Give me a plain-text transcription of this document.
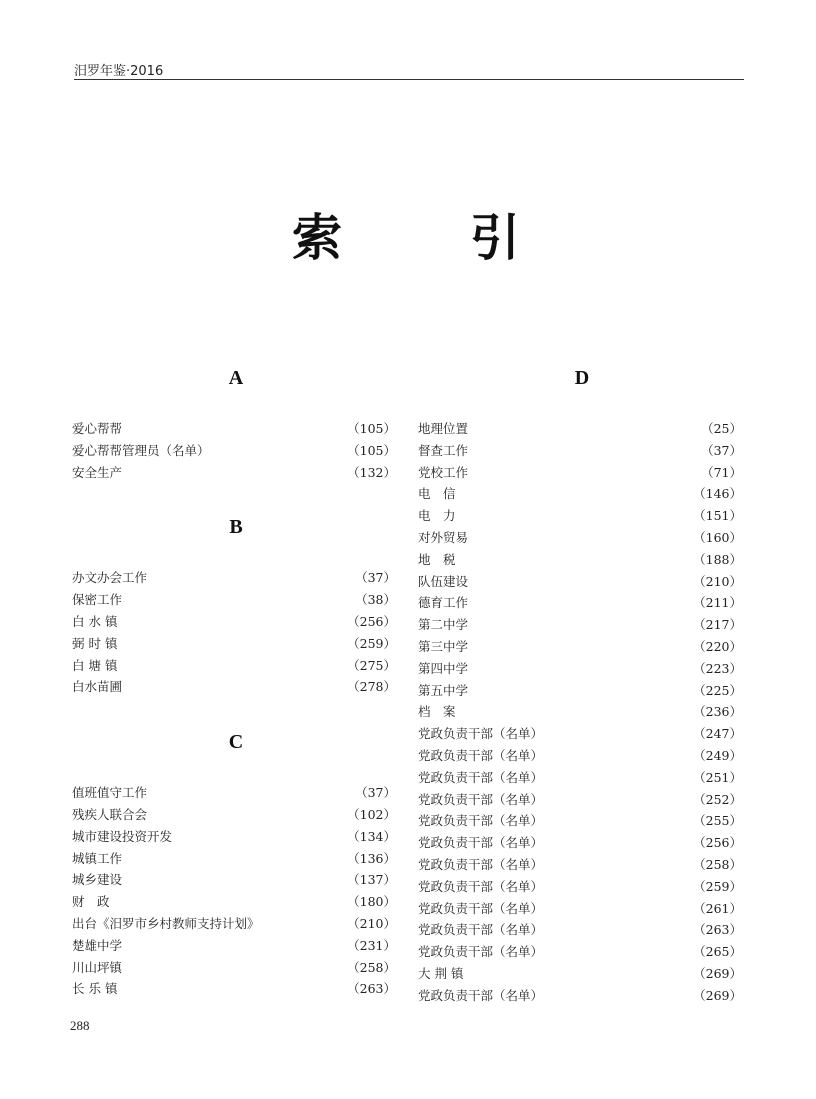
汨罗年鉴·2016
索	引
A
爱心帮帮	（105）
爱心帮帮管理员（名单）	（105）
安全生产	（132）
B
办文办会工作	（37）
保密工作	（38）
白 水 镇	（256）
弼 时 镇	（259）
白 塘 镇	（275）
白水苗圃	（278）
C
值班值守工作	（37）
残疾人联合会	（102）
城市建设投资开发	（134）
城镇工作	（136）
城乡建设	（137）
财　政	（180）
出台《汨罗市乡村教师支持计划》	（210）
楚雄中学	（231）
川山坪镇	（258）
长 乐 镇	（263）
D
地理位置	（25）
督查工作	（37）
党校工作	（71）
电　信	（146）
电　力	（151）
对外贸易	（160）
地　税	（188）
队伍建设	（210）
德育工作	（211）
第二中学	（217）
第三中学	（220）
第四中学	（223）
第五中学	（225）
档　案	（236）
党政负责干部（名单）	（247）
党政负责干部（名单）	（249）
党政负责干部（名单）	（251）
党政负责干部（名单）	（252）
党政负责干部（名单）	（255）
党政负责干部（名单）	（256）
党政负责干部（名单）	（258）
党政负责干部（名单）	（259）
党政负责干部（名单）	（261）
党政负责干部（名单）	（263）
党政负责干部（名单）	（265）
大 荆 镇	（269）
党政负责干部（名单）	（269）
288
